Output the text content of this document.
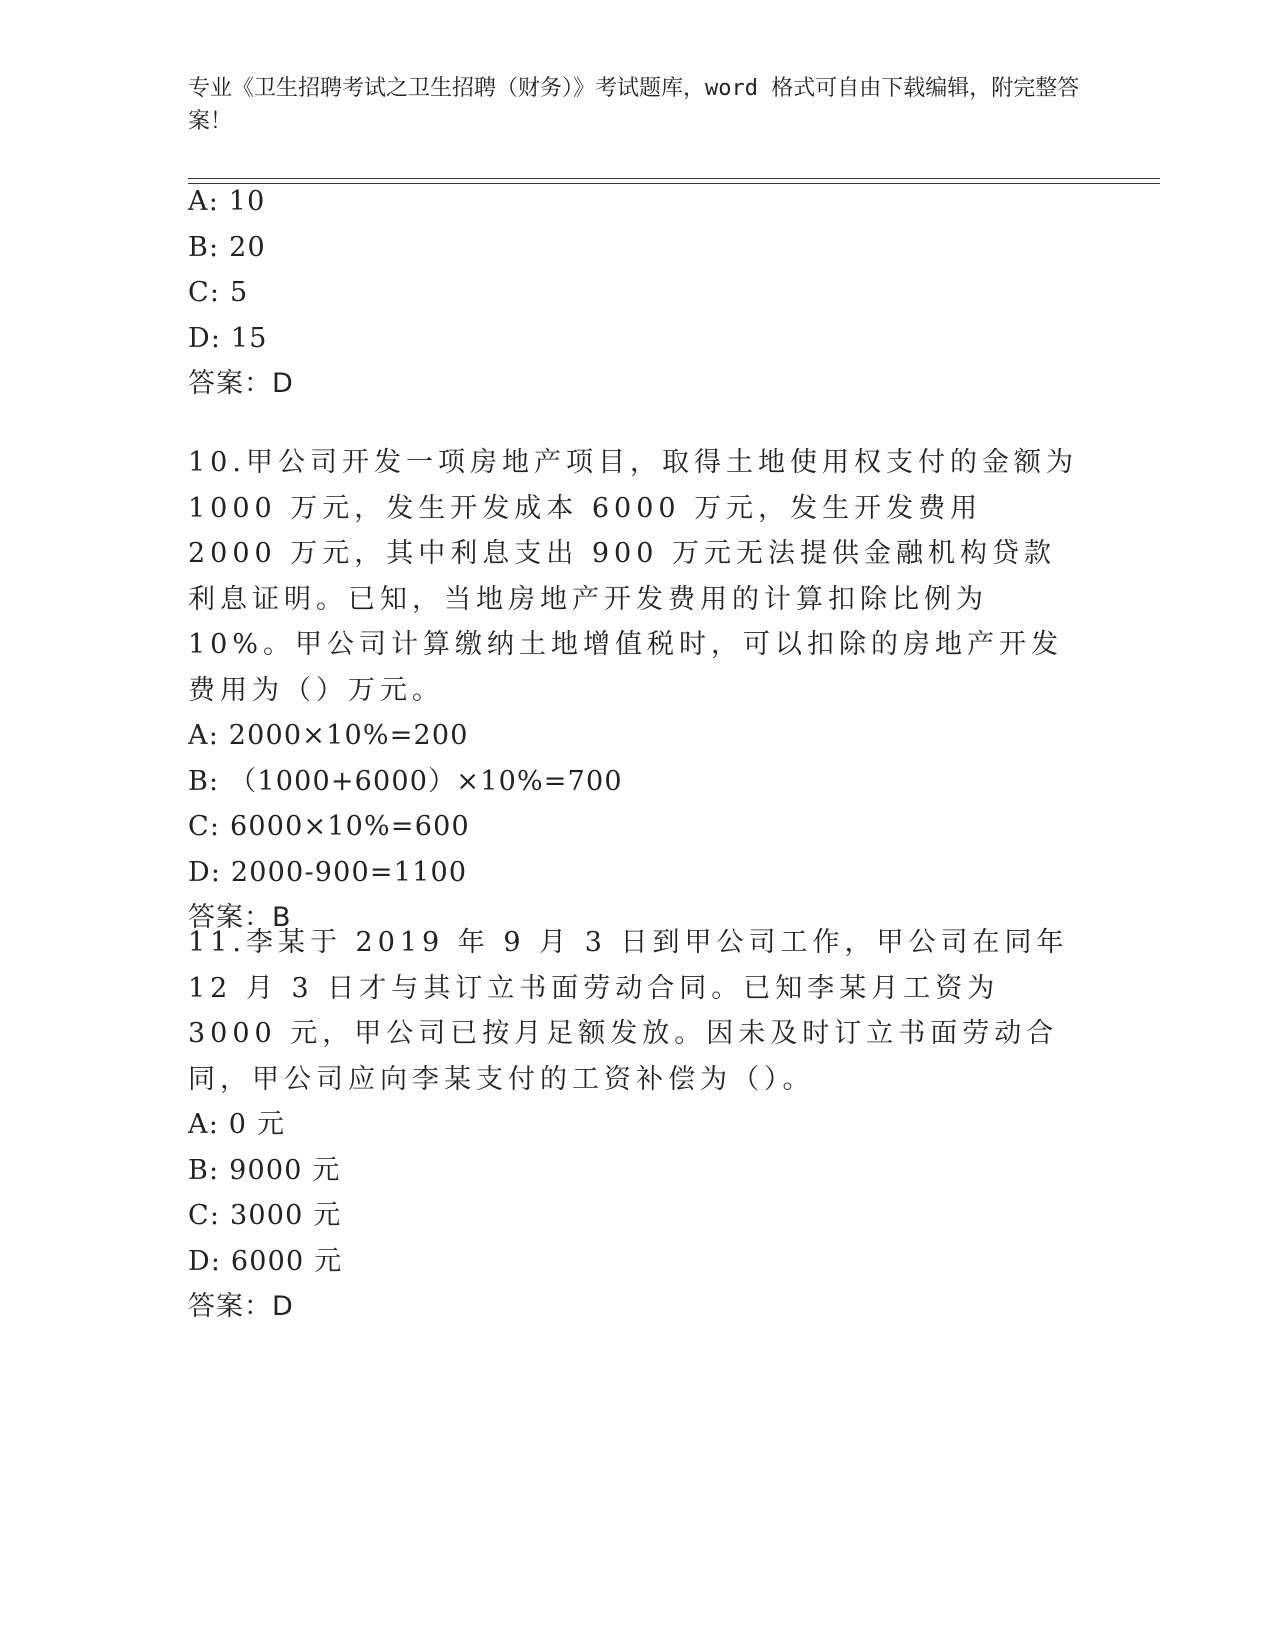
专业《卫生招聘考试之卫生招聘（财务）》考试题库，word 格式可自由下载编辑，附完整答案！
A: 10
B: 20
C: 5
D: 15
答案：D
10.甲公司开发一项房地产项目，取得土地使用权支付的金额为 1000 万元，发生开发成本 6000 万元，发生开发费用 2000 万元，其中利息支出 900 万元无法提供金融机构贷款利息证明。已知，当地房地产开发费用的计算扣除比例为 10%。甲公司计算缴纳土地增值税时，可以扣除的房地产开发费用为（）万元。
A: 2000×10%=200
B: （1000+6000）×10%=700
C: 6000×10%=600
D: 2000-900=1100
答案：B
11.李某于 2019 年 9 月 3 日到甲公司工作，甲公司在同年 12 月 3 日才与其订立书面劳动合同。已知李某月工资为 3000 元，甲公司已按月足额发放。因未及时订立书面劳动合同，甲公司应向李某支付的工资补偿为（）。
A: 0 元
B: 9000 元
C: 3000 元
D: 6000 元
答案：D
